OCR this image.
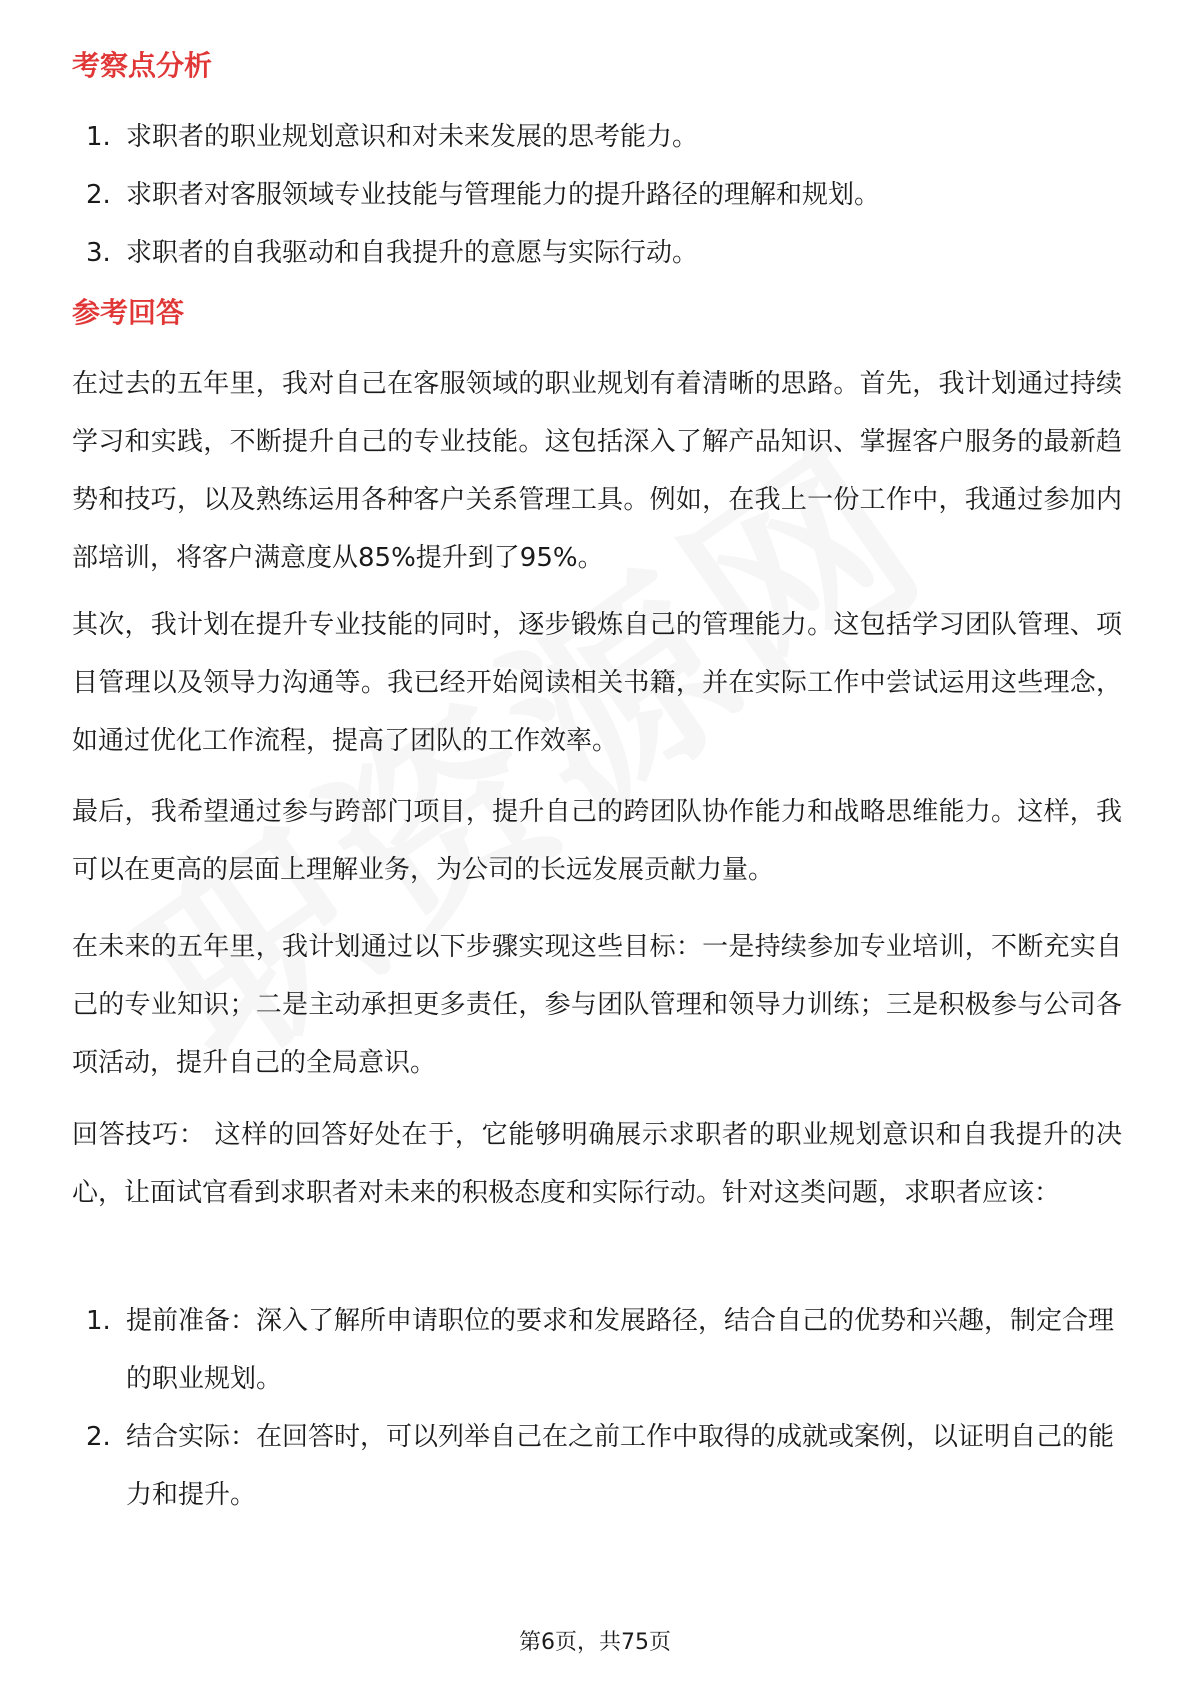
考察点分析
1. 求职者的职业规划意识和对未来发展的思考能力。
2. 求职者对客服领域专业技能与管理能力的提升路径的理解和规划。
3. 求职者的自我驱动和自我提升的意愿与实际行动。
参考回答

在过去的五年里，我对自己在客服领域的职业规划有着清晰的思路。首先，我计划通过持续学习和实践，不断提升自己的专业技能。这包括深入了解产品知识、掌握客户服务的最新趋势和技巧，以及熟练运用各种客户关系管理工具。例如，在我上一份工作中，我通过参加内部培训，将客户满意度从85%提升到了95%。

其次，我计划在提升专业技能的同时，逐步锻炼自己的管理能力。这包括学习团队管理、项目管理以及领导力沟通等。我已经开始阅读相关书籍，并在实际工作中尝试运用这些理念，如通过优化工作流程，提高了团队的工作效率。

最后，我希望通过参与跨部门项目，提升自己的跨团队协作能力和战略思维能力。这样，我可以在更高的层面上理解业务，为公司的长远发展贡献力量。

在未来的五年里，我计划通过以下步骤实现这些目标：一是持续参加专业培训，不断充实自己的专业知识；二是主动承担更多责任，参与团队管理和领导力训练；三是积极参与公司各项活动，提升自己的全局意识。

回答技巧： 这样的回答好处在于，它能够明确展示求职者的职业规划意识和自我提升的决心，让面试官看到求职者对未来的积极态度和实际行动。针对这类问题，求职者应该：

1. 提前准备：深入了解所申请职位的要求和发展路径，结合自己的优势和兴趣，制定合理的职业规划。
2. 结合实际：在回答时，可以列举自己在之前工作中取得的成就或案例，以证明自己的能力和提升。
第6页，共75页
